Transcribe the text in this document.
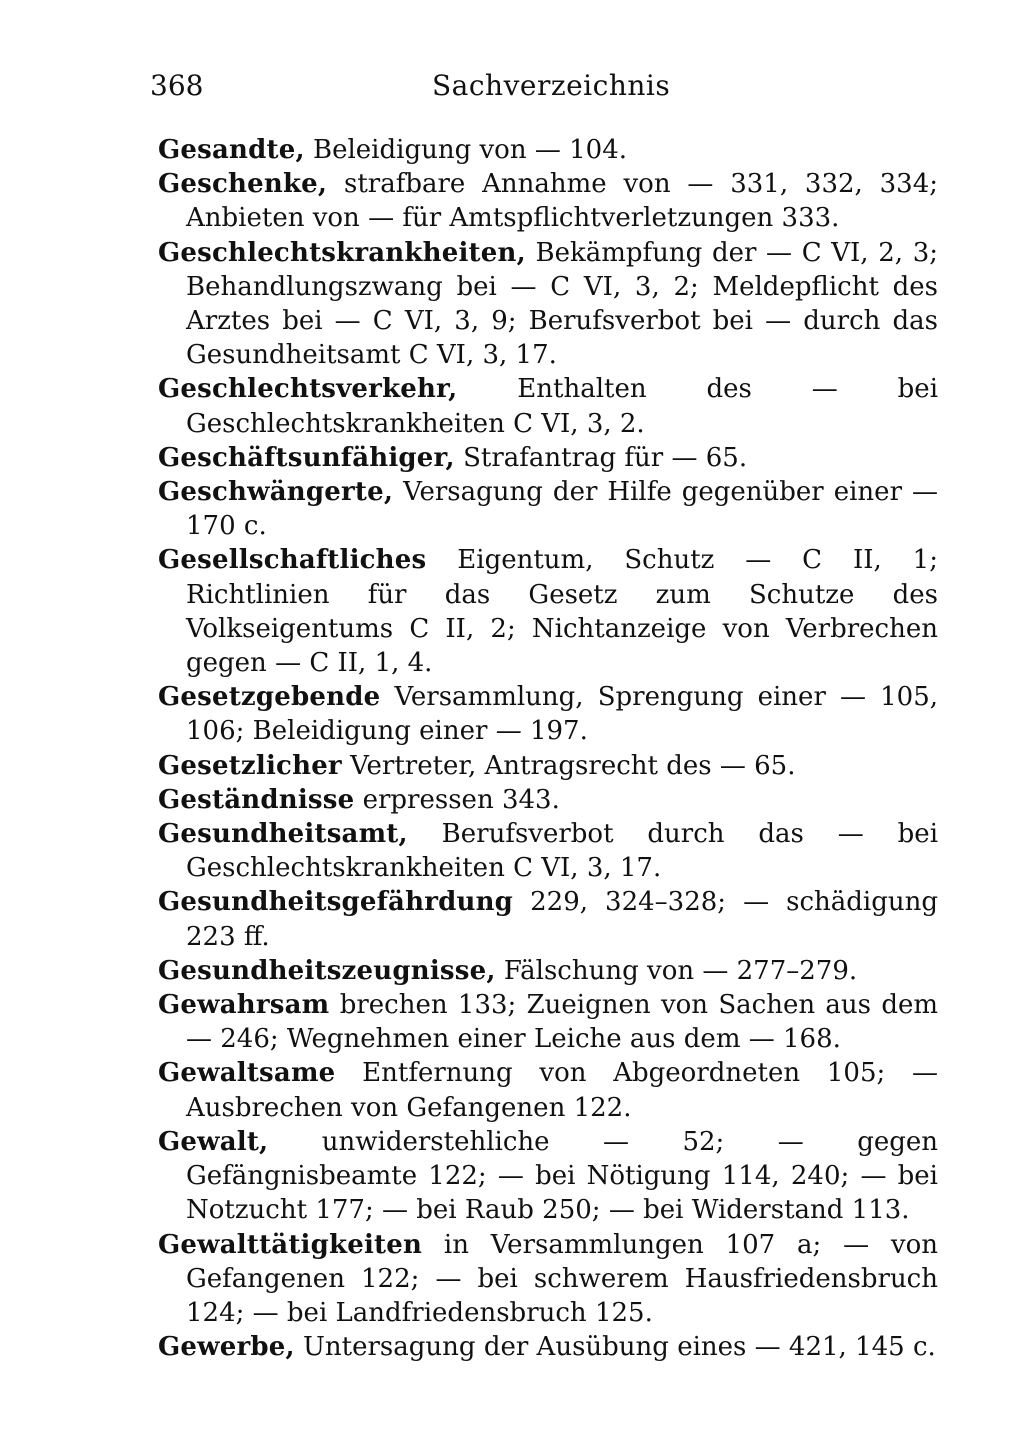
368	Sachverzeichnis
Gesandte, Beleidigung von — 104.
Geschenke, strafbare Annahme von — 331, 332, 334; Anbieten von — für Amtspflichtverletzungen 333.
Geschlechtskrankheiten, Bekämpfung der — C VI, 2, 3; Behandlungszwang bei — C VI, 3, 2; Meldepflicht des Arztes bei — C VI, 3, 9; Berufsverbot bei — durch das Gesundheitsamt C VI, 3, 17.
Geschlechtsverkehr, Enthalten des — bei Geschlechtskrankheiten C VI, 3, 2.
Geschäftsunfähiger, Strafantrag für — 65.
Geschwängerte, Versagung der Hilfe gegenüber einer — 170 c.
Gesellschaftliches Eigentum, Schutz — C II, 1; Richtlinien für das Gesetz zum Schutze des Volkseigentums C II, 2; Nichtanzeige von Verbrechen gegen — C II, 1, 4.
Gesetzgebende Versammlung, Sprengung einer — 105, 106; Beleidigung einer — 197.
Gesetzlicher Vertreter, Antragsrecht des — 65.
Geständnisse erpressen 343.
Gesundheitsamt, Berufsverbot durch das — bei Geschlechtskrankheiten C VI, 3, 17.
Gesundheitsgefährdung 229, 324–328; — schädigung 223 ff.
Gesundheitszeugnisse, Fälschung von — 277–279.
Gewahrsam brechen 133; Zueignen von Sachen aus dem — 246; Wegnehmen einer Leiche aus dem — 168.
Gewaltsame Entfernung von Abgeordneten 105; — Ausbrechen von Gefangenen 122.
Gewalt, unwiderstehliche — 52; — gegen Gefängnisbeamte 122; — bei Nötigung 114, 240; — bei Notzucht 177; — bei Raub 250; — bei Widerstand 113.
Gewalttätigkeiten in Versammlungen 107 a; — von Gefangenen 122; — bei schwerem Hausfriedensbruch 124; — bei Landfriedensbruch 125.
Gewerbe, Untersagung der Ausübung eines — 421, 145 c.
